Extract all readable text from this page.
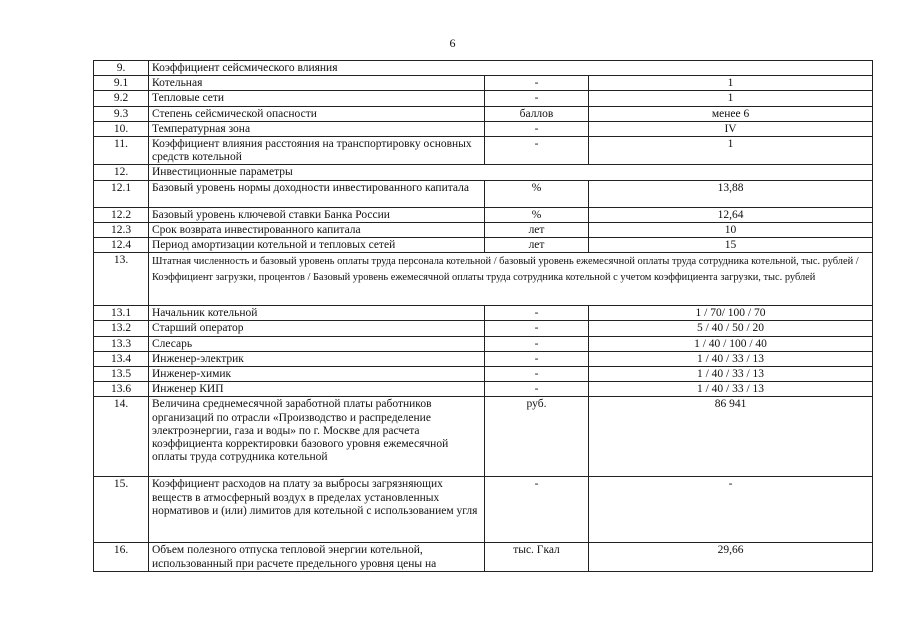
6
9.	Коэффициент сейсмического влияния		
9.1	Котельная	-	1
9.2	Тепловые сети	-	1
9.3	Степень сейсмической опасности	баллов	менее 6
10.	Температурная зона	-	IV
11.	Коэффициент влияния расстояния на транспортировку основных средств котельной	-	1
12.	Инвестиционные параметры		
12.1	Базовый уровень нормы доходности инвестированного капитала	%	13,88
12.2	Базовый уровень ключевой ставки Банка России	%	12,64
12.3	Срок возврата инвестированного капитала	лет	10
12.4	Период амортизации котельной и тепловых сетей	лет	15
13.	Штатная численность и базовый уровень оплаты труда персонала котельной / базовый уровень ежемесячной оплаты труда сотрудника котельной, тыс. рублей / Коэффициент загрузки, процентов / Базовый уровень ежемесячной оплаты труда сотрудника котельной с учетом коэффициента загрузки, тыс. рублей		
13.1	Начальник котельной	-	1 / 70/ 100 / 70
13.2	Старший оператор	-	5 / 40 / 50 / 20
13.3	Слесарь	-	1 / 40 / 100 / 40
13.4	Инженер-электрик	-	1 / 40 / 33 / 13
13.5	Инженер-химик	-	1 / 40 / 33 / 13
13.6	Инженер КИП	-	1 / 40 / 33 / 13
14.	Величина среднемесячной заработной платы работников организаций по отрасли «Производство и распределение электроэнергии, газа и воды» по г. Москве для расчета коэффициента корректировки базового уровня ежемесячной оплаты труда сотрудника котельной	руб.	86 941
15.	Коэффициент расходов на плату за выбросы загрязняющих веществ в атмосферный воздух в пределах установленных нормативов и (или) лимитов для котельной с использованием угля	-	-
16.	Объем полезного отпуска тепловой энергии котельной, использованный при расчете предельного уровня цены на	тыс. Гкал	29,66
